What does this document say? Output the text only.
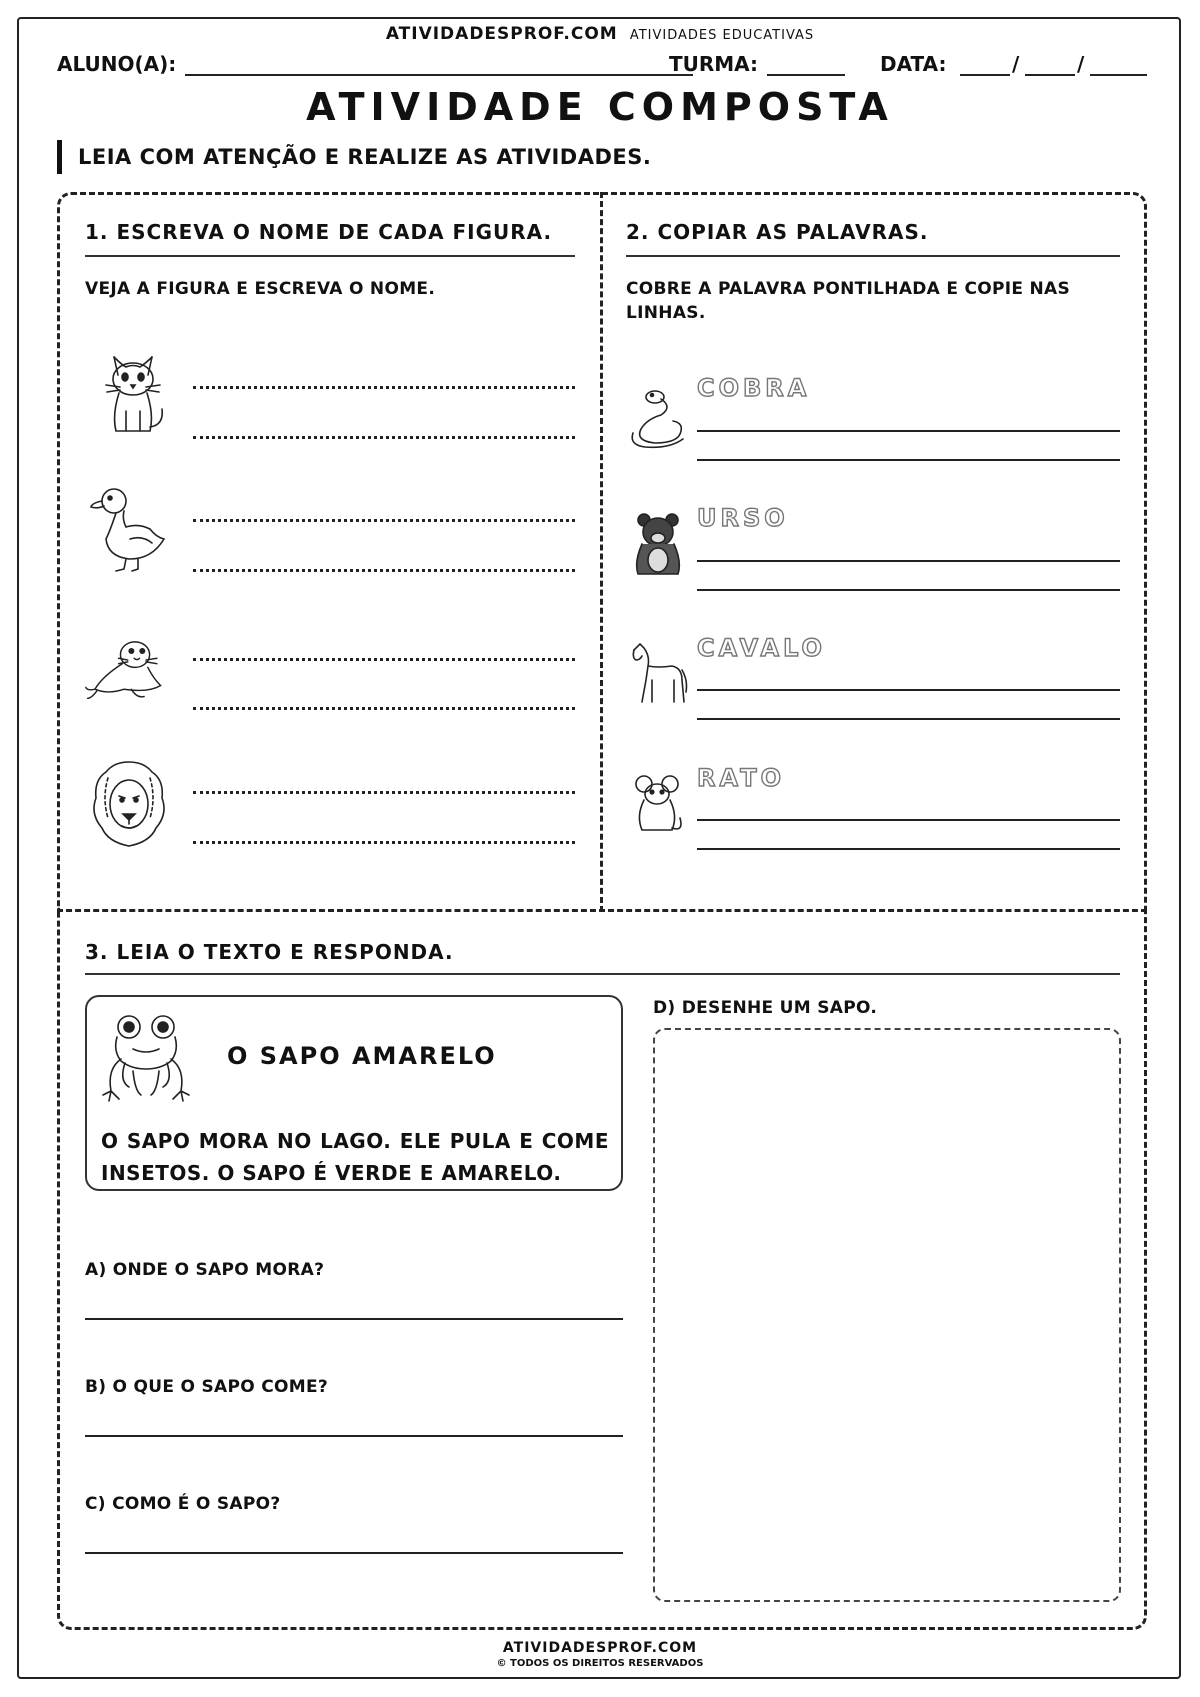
ATIVIDADESPROF.COM ATIVIDADES EDUCATIVAS
ALUNO(A):	TURMA:	DATA:	/	/
ATIVIDADE COMPOSTA
LEIA COM ATENÇÃO E REALIZE AS ATIVIDADES.
1. ESCREVA O NOME DE CADA FIGURA.
VEJA A FIGURA E ESCREVA O NOME.
2. COPIAR AS PALAVRAS.
COBRE A PALAVRA PONTILHADA E COPIE NAS LINHAS.
COBRA
URSO
CAVALO
RATO
3. LEIA O TEXTO E RESPONDA.
O SAPO AMARELO
O SAPO MORA NO LAGO. ELE PULA E COME INSETOS. O SAPO É VERDE E AMARELO.
A) ONDE O SAPO MORA?
B) O QUE O SAPO COME?
C) COMO É O SAPO?
D) DESENHE UM SAPO.
ATIVIDADESPROF.COM
© TODOS OS DIREITOS RESERVADOS
